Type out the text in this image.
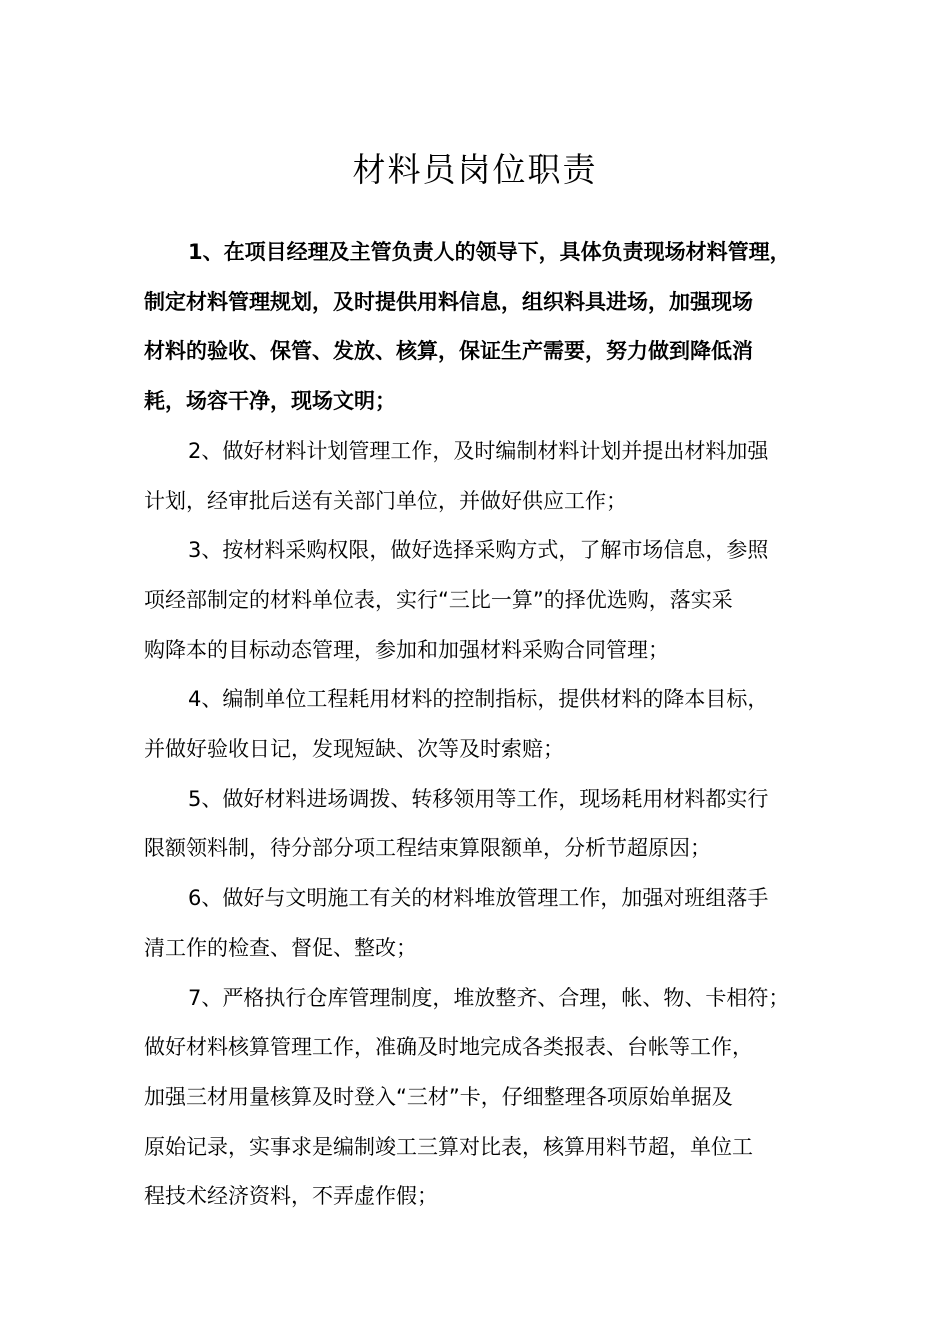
材料员岗位职责

1、在项目经理及主管负责人的领导下，具体负责现场材料管理，
制定材料管理规划，及时提供用料信息，组织料具进场，加强现场
材料的验收、保管、发放、核算，保证生产需要，努力做到降低消
耗，场容干净，现场文明；

2、做好材料计划管理工作，及时编制材料计划并提出材料加强
计划，经审批后送有关部门单位，并做好供应工作；

3、按材料采购权限，做好选择采购方式，了解市场信息，参照
项经部制定的材料单位表，实行“三比一算”的择优选购，落实采
购降本的目标动态管理，参加和加强材料采购合同管理；

4、编制单位工程耗用材料的控制指标，提供材料的降本目标，
并做好验收日记，发现短缺、次等及时索赔；

5、做好材料进场调拨、转移领用等工作，现场耗用材料都实行
限额领料制，待分部分项工程结束算限额单，分析节超原因；

6、做好与文明施工有关的材料堆放管理工作，加强对班组落手
清工作的检查、督促、整改；

7、严格执行仓库管理制度，堆放整齐、合理，帐、物、卡相符；
做好材料核算管理工作，准确及时地完成各类报表、台帐等工作，
加强三材用量核算及时登入“三材”卡，仔细整理各项原始单据及
原始记录，实事求是编制竣工三算对比表，核算用料节超，单位工
程技术经济资料，不弄虚作假；
